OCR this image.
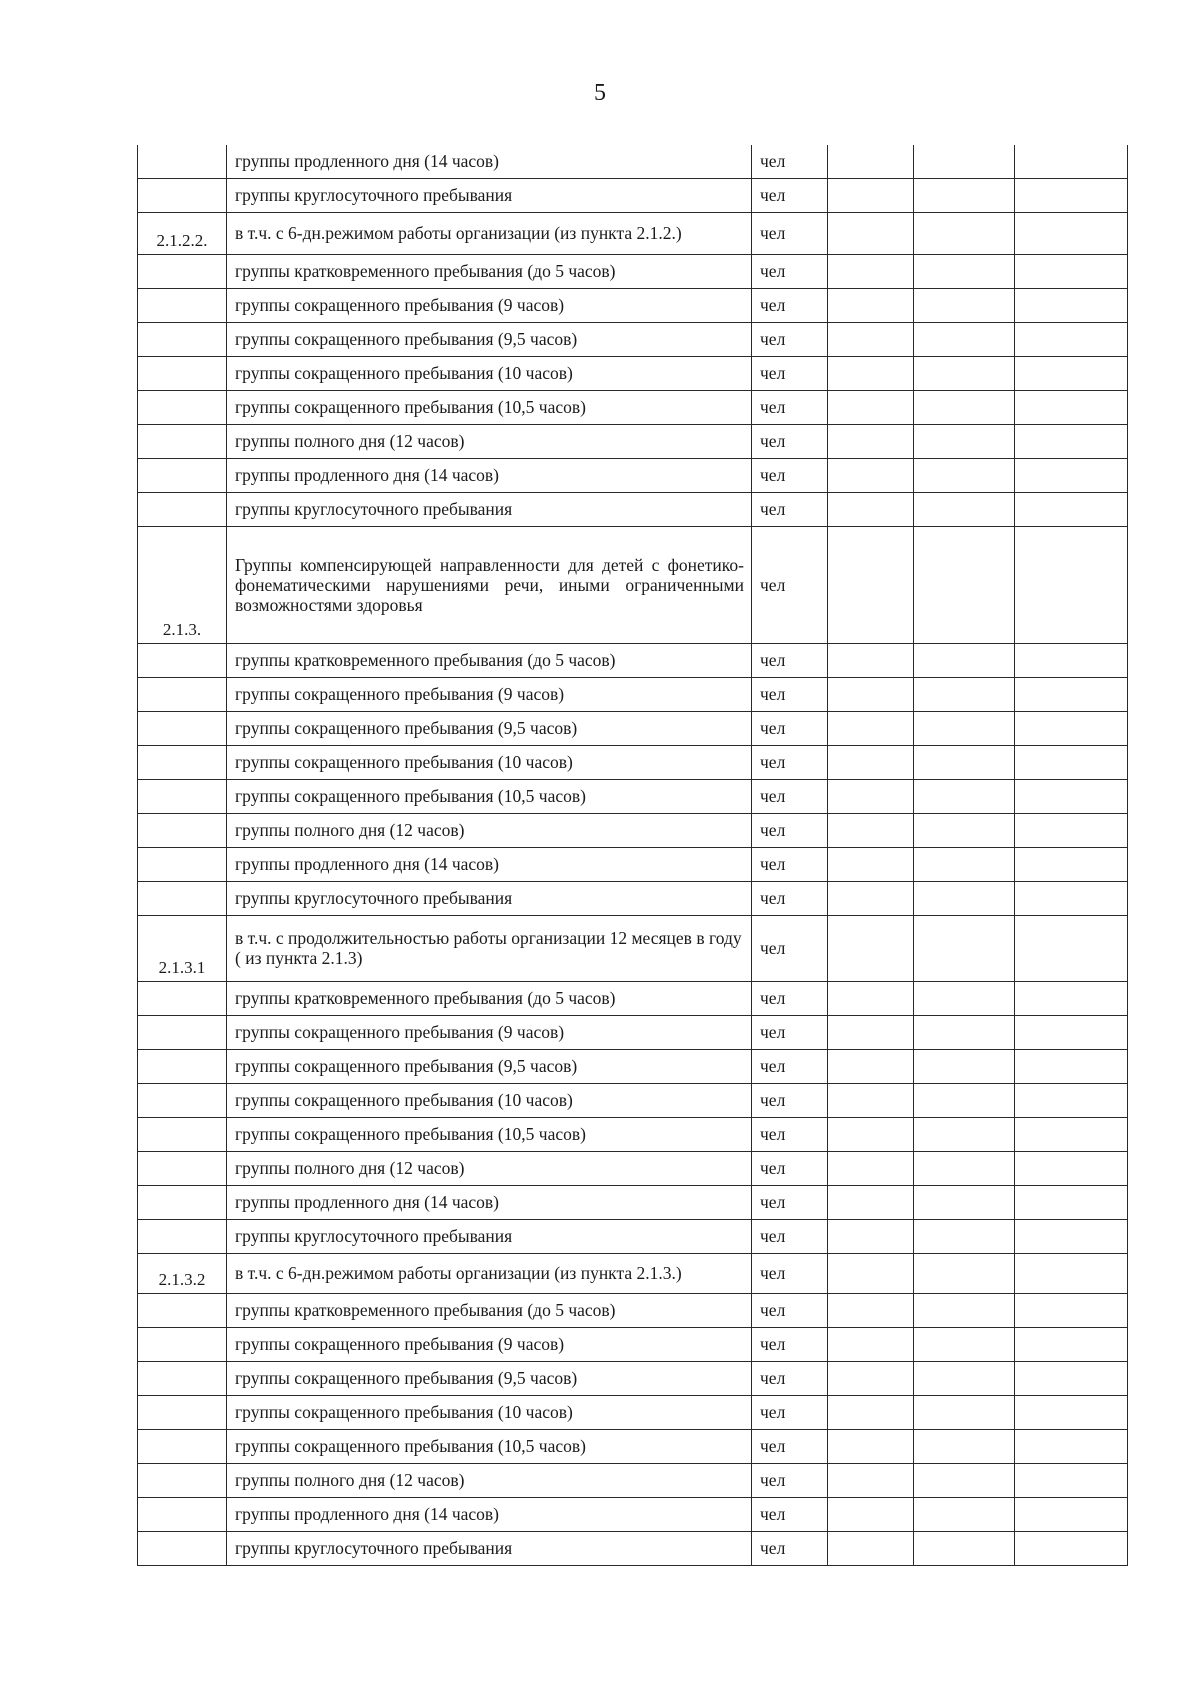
5
	группы продленного дня (14 часов)	чел			
	группы круглосуточного пребывания	чел			
2.1.2.2.	в т.ч. с 6-дн.режимом работы организации (из пункта 2.1.2.)	чел			
	группы кратковременного пребывания (до 5 часов)	чел			
	группы сокращенного пребывания (9 часов)	чел			
	группы сокращенного пребывания (9,5 часов)	чел			
	группы сокращенного пребывания (10 часов)	чел			
	группы сокращенного пребывания (10,5 часов)	чел			
	группы полного дня (12 часов)	чел			
	группы продленного дня (14 часов)	чел			
	группы круглосуточного пребывания	чел			
2.1.3.	Группы компенсирующей направленности для детей с фонетико-фонематическими нарушениями речи, иными ограниченными возможностями здоровья	чел			
	группы кратковременного пребывания (до 5 часов)	чел			
	группы сокращенного пребывания (9 часов)	чел			
	группы сокращенного пребывания (9,5 часов)	чел			
	группы сокращенного пребывания (10 часов)	чел			
	группы сокращенного пребывания (10,5 часов)	чел			
	группы полного дня (12 часов)	чел			
	группы продленного дня (14 часов)	чел			
	группы круглосуточного пребывания	чел			
2.1.3.1	в т.ч. с продолжительностью работы организации 12 месяцев в году ( из пункта 2.1.3)	чел			
	группы кратковременного пребывания (до 5 часов)	чел			
	группы сокращенного пребывания (9 часов)	чел			
	группы сокращенного пребывания (9,5 часов)	чел			
	группы сокращенного пребывания (10 часов)	чел			
	группы сокращенного пребывания (10,5 часов)	чел			
	группы полного дня (12 часов)	чел			
	группы продленного дня (14 часов)	чел			
	группы круглосуточного пребывания	чел			
2.1.3.2	в т.ч. с 6-дн.режимом работы организации (из пункта 2.1.3.)	чел			
	группы кратковременного пребывания (до 5 часов)	чел			
	группы сокращенного пребывания (9 часов)	чел			
	группы сокращенного пребывания (9,5 часов)	чел			
	группы сокращенного пребывания (10 часов)	чел			
	группы сокращенного пребывания (10,5 часов)	чел			
	группы полного дня (12 часов)	чел			
	группы продленного дня (14 часов)	чел			
	группы круглосуточного пребывания	чел			
